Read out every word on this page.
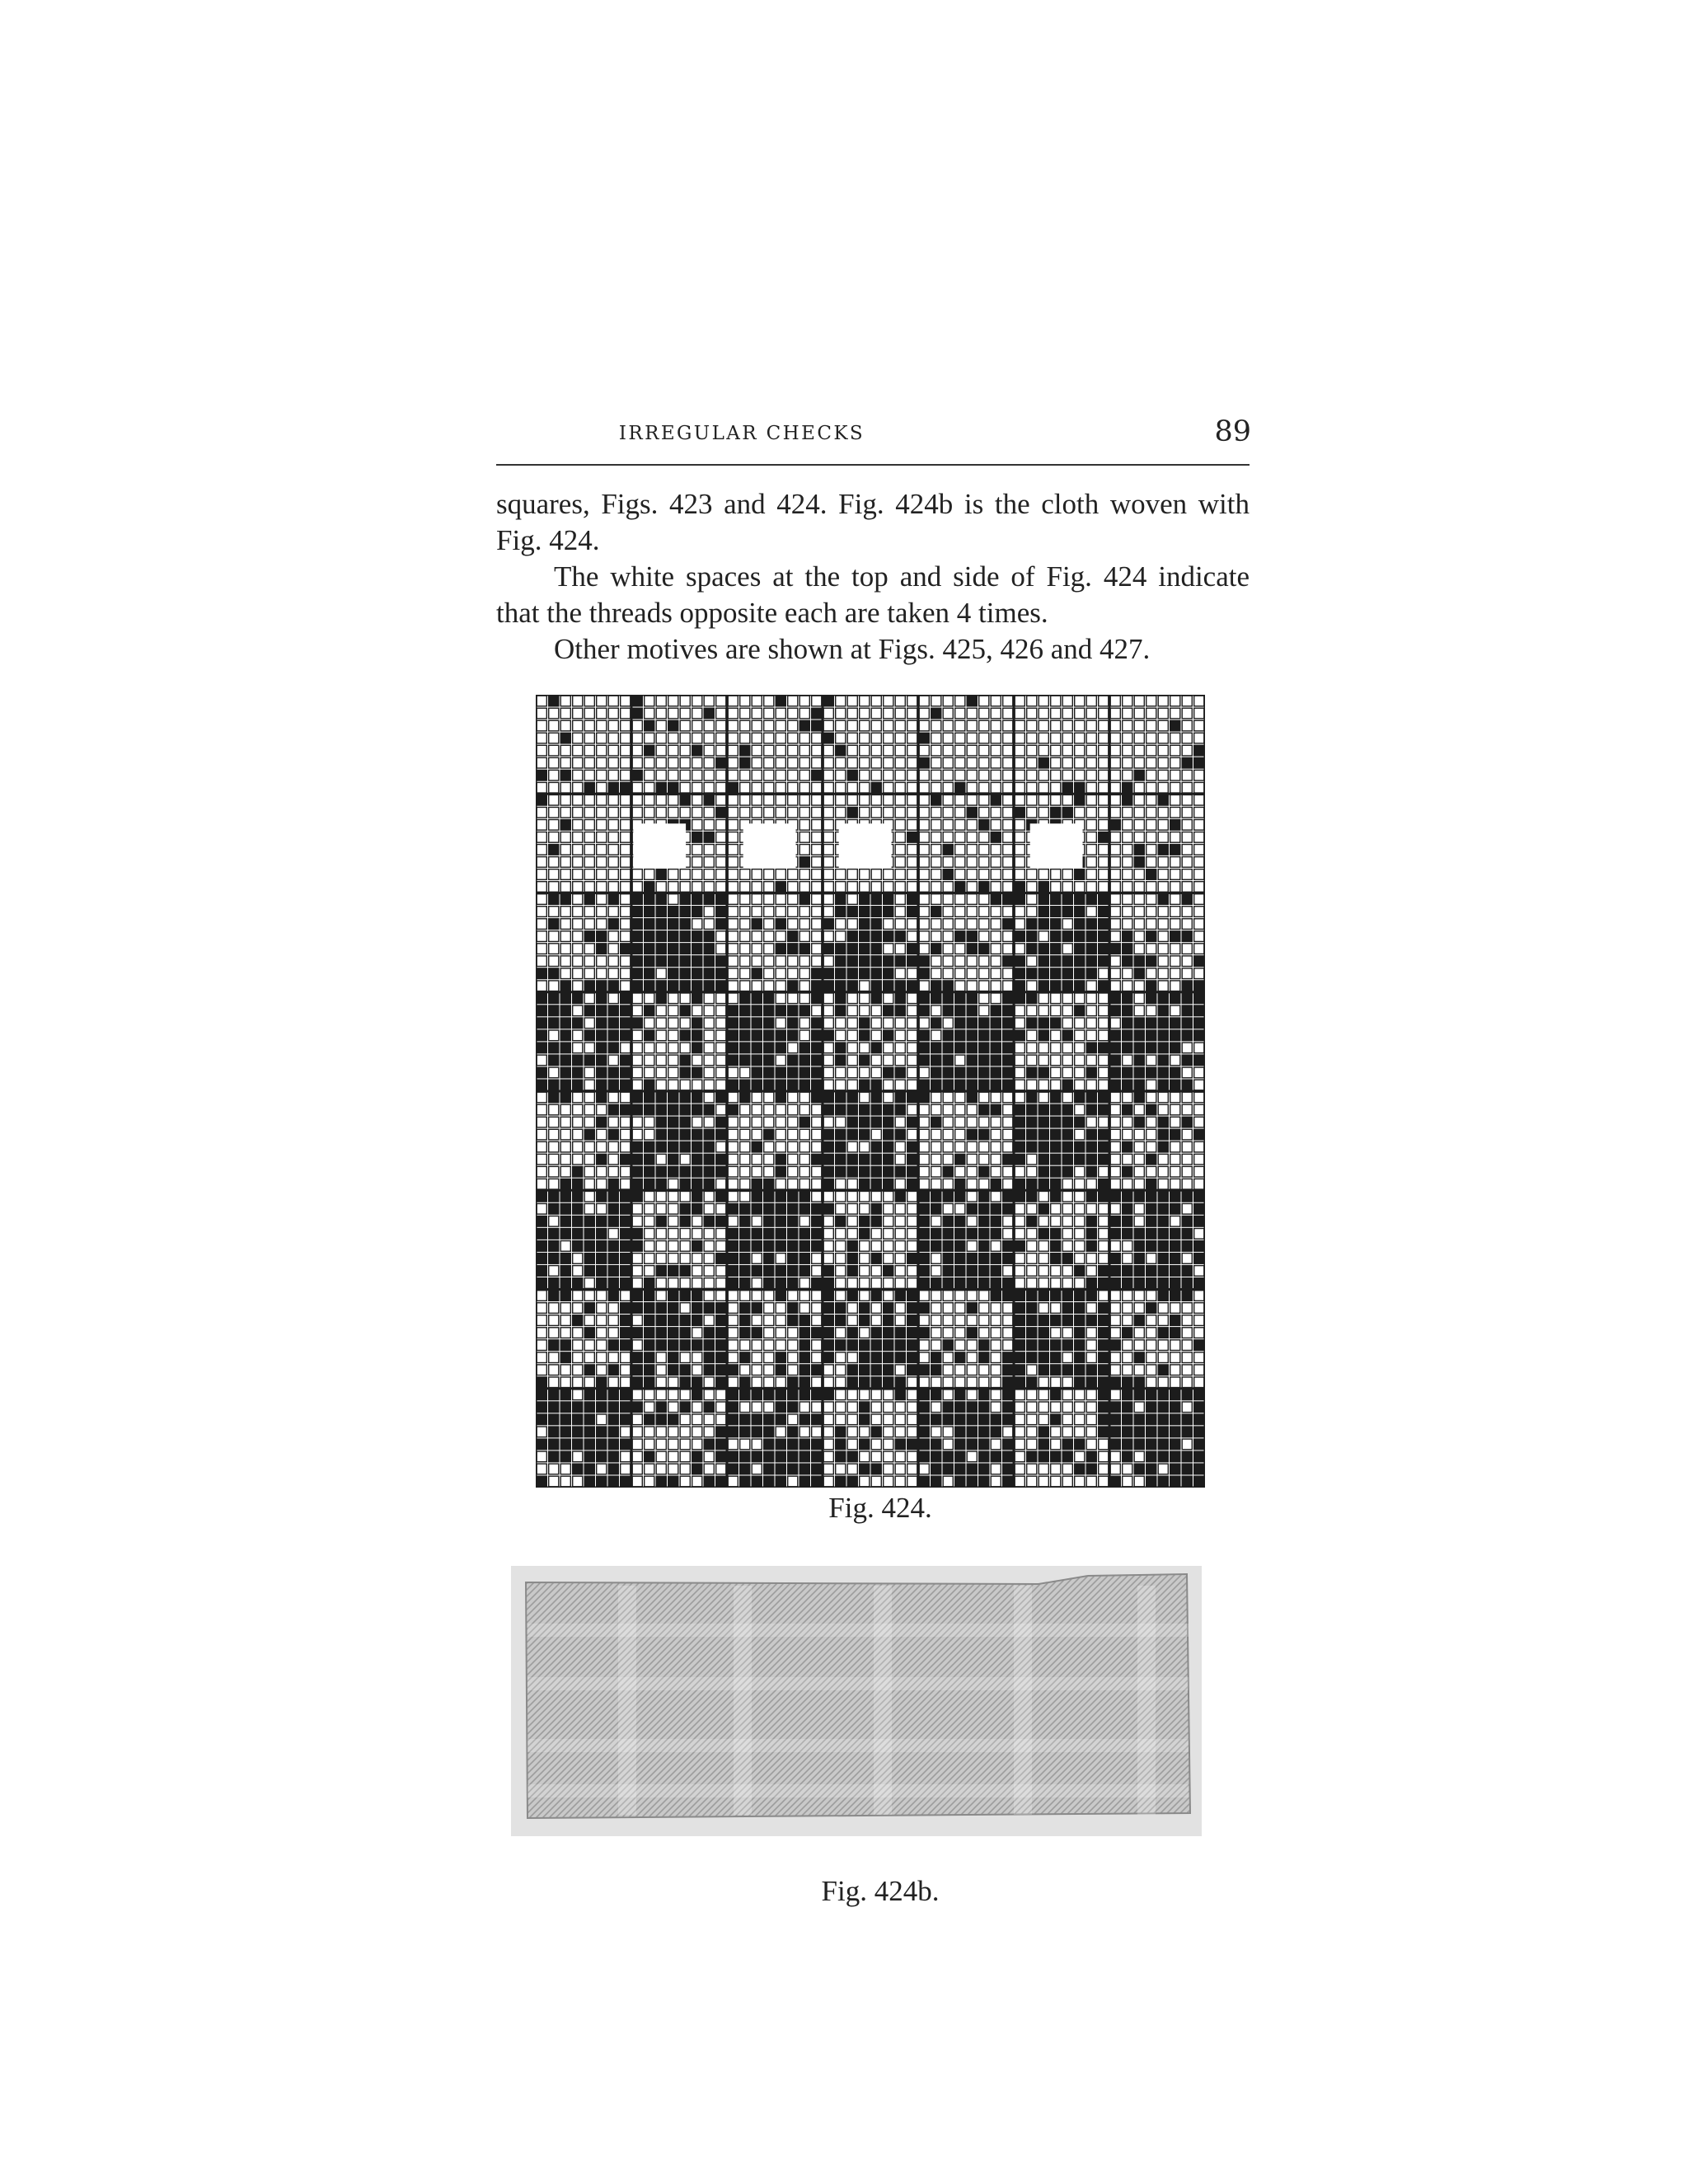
IRREGULAR CHECKS	89

squares, Figs. 423 and 424. Fig. 424b is the cloth woven with Fig. 424.

The white spaces at the top and side of Fig. 424 indicate that the threads opposite each are taken 4 times.

Other motives are shown at Figs. 425, 426 and 427.

Fig. 424.
Fig. 424b.
